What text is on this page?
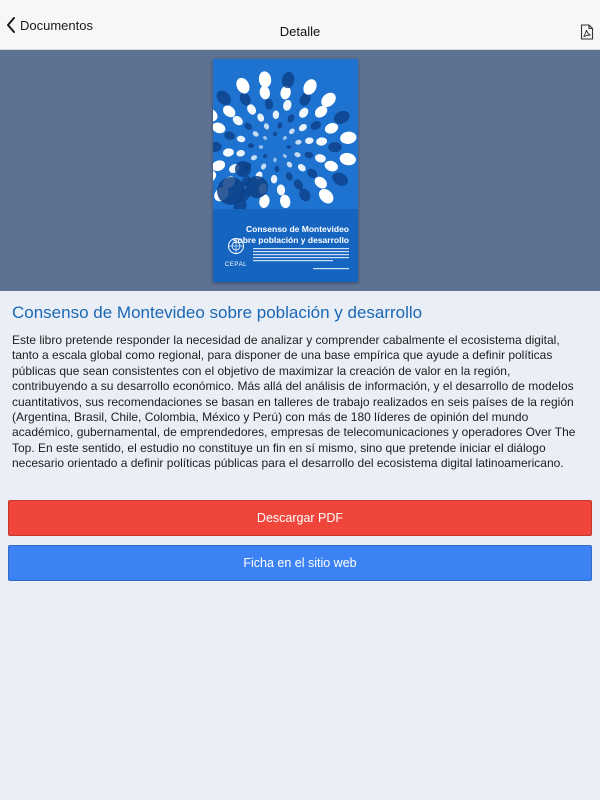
Documentos	Detalle
Consenso de Montevideo
sobre población y desarrollo
CEPAL
Consenso de Montevideo sobre población y desarrollo

Este libro pretende responder la necesidad de analizar y comprender cabalmente el ecosistema digital, tanto a escala global como regional, para disponer de una base empírica que ayude a definir políticas públicas que sean consistentes con el objetivo de maximizar la creación de valor en la región, contribuyendo a su desarrollo económico. Más allá del análisis de información, y el desarrollo de modelos cuantitativos, sus recomendaciones se basan en talleres de trabajo realizados en seis países de la región (Argentina, Brasil, Chile, Colombia, México y Perú) con más de 180 líderes de opinión del mundo académico, gubernamental, de emprendedores, empresas de telecomunicaciones y operadores Over The Top. En este sentido, el estudio no constituye un fin en sí mismo, sino que pretende iniciar el diálogo necesario orientado a definir políticas públicas para el desarrollo del ecosistema digital latinoamericano.

Descargar PDF
Ficha en el sitio web
